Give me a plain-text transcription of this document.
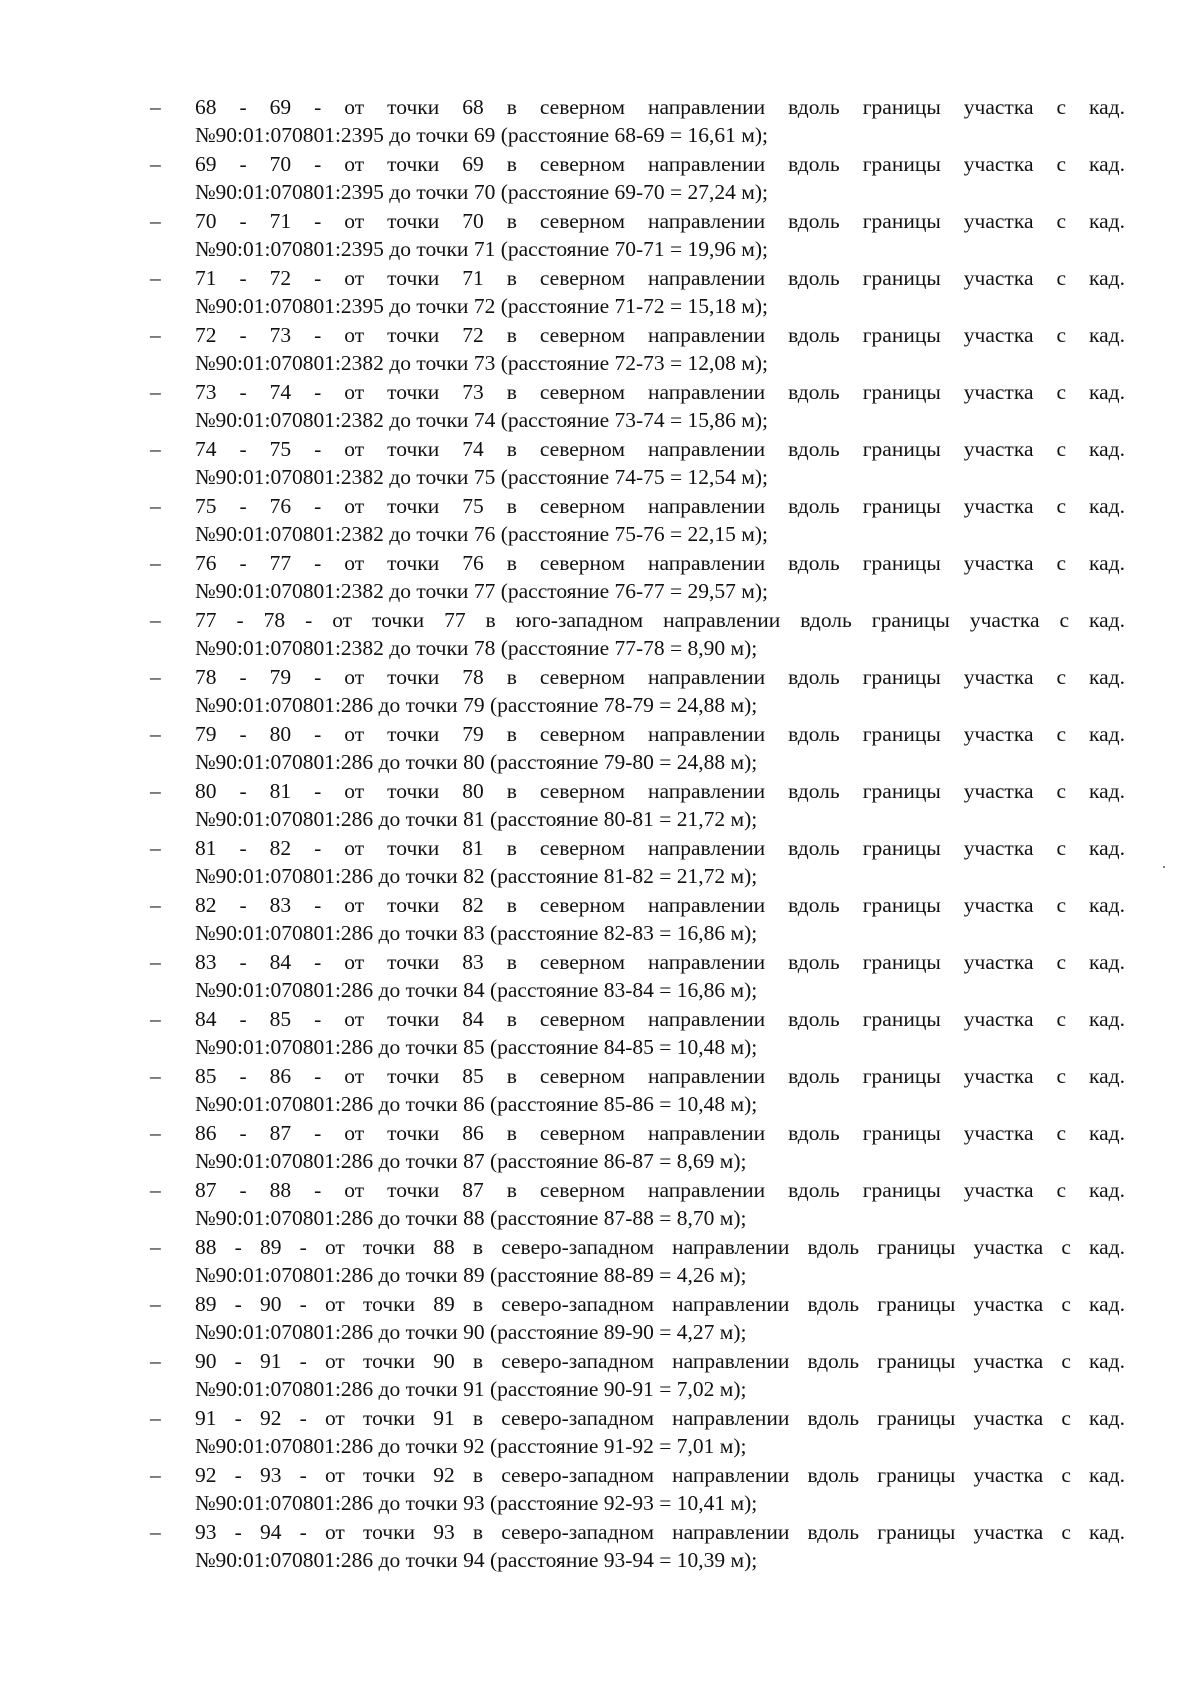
–	68 - 69 - от точки 68 в северном направлении вдоль границы участка с кад.
№90:01:070801:2395 до точки 69 (расстояние 68-69 = 16,61 м);
–	69 - 70 - от точки 69 в северном направлении вдоль границы участка с кад.
№90:01:070801:2395 до точки 70 (расстояние 69-70 = 27,24 м);
–	70 - 71 - от точки 70 в северном направлении вдоль границы участка с кад.
№90:01:070801:2395 до точки 71 (расстояние 70-71 = 19,96 м);
–	71 - 72 - от точки 71 в северном направлении вдоль границы участка с кад.
№90:01:070801:2395 до точки 72 (расстояние 71-72 = 15,18 м);
–	72 - 73 - от точки 72 в северном направлении вдоль границы участка с кад.
№90:01:070801:2382 до точки 73 (расстояние 72-73 = 12,08 м);
–	73 - 74 - от точки 73 в северном направлении вдоль границы участка с кад.
№90:01:070801:2382 до точки 74 (расстояние 73-74 = 15,86 м);
–	74 - 75 - от точки 74 в северном направлении вдоль границы участка с кад.
№90:01:070801:2382 до точки 75 (расстояние 74-75 = 12,54 м);
–	75 - 76 - от точки 75 в северном направлении вдоль границы участка с кад.
№90:01:070801:2382 до точки 76 (расстояние 75-76 = 22,15 м);
–	76 - 77 - от точки 76 в северном направлении вдоль границы участка с кад.
№90:01:070801:2382 до точки 77 (расстояние 76-77 = 29,57 м);
–	77 - 78 - от точки 77 в юго-западном направлении вдоль границы участка с кад.
№90:01:070801:2382 до точки 78 (расстояние 77-78 = 8,90 м);
–	78 - 79 - от точки 78 в северном направлении вдоль границы участка с кад.
№90:01:070801:286 до точки 79 (расстояние 78-79 = 24,88 м);
–	79 - 80 - от точки 79 в северном направлении вдоль границы участка с кад.
№90:01:070801:286 до точки 80 (расстояние 79-80 = 24,88 м);
–	80 - 81 - от точки 80 в северном направлении вдоль границы участка с кад.
№90:01:070801:286 до точки 81 (расстояние 80-81 = 21,72 м);
–	81 - 82 - от точки 81 в северном направлении вдоль границы участка с кад.
№90:01:070801:286 до точки 82 (расстояние 81-82 = 21,72 м);
–	82 - 83 - от точки 82 в северном направлении вдоль границы участка с кад.
№90:01:070801:286 до точки 83 (расстояние 82-83 = 16,86 м);
–	83 - 84 - от точки 83 в северном направлении вдоль границы участка с кад.
№90:01:070801:286 до точки 84 (расстояние 83-84 = 16,86 м);
–	84 - 85 - от точки 84 в северном направлении вдоль границы участка с кад.
№90:01:070801:286 до точки 85 (расстояние 84-85 = 10,48 м);
–	85 - 86 - от точки 85 в северном направлении вдоль границы участка с кад.
№90:01:070801:286 до точки 86 (расстояние 85-86 = 10,48 м);
–	86 - 87 - от точки 86 в северном направлении вдоль границы участка с кад.
№90:01:070801:286 до точки 87 (расстояние 86-87 = 8,69 м);
–	87 - 88 - от точки 87 в северном направлении вдоль границы участка с кад.
№90:01:070801:286 до точки 88 (расстояние 87-88 = 8,70 м);
–	88 - 89 - от точки 88 в северо-западном направлении вдоль границы участка с кад.
№90:01:070801:286 до точки 89 (расстояние 88-89 = 4,26 м);
–	89 - 90 - от точки 89 в северо-западном направлении вдоль границы участка с кад.
№90:01:070801:286 до точки 90 (расстояние 89-90 = 4,27 м);
–	90 - 91 - от точки 90 в северо-западном направлении вдоль границы участка с кад.
№90:01:070801:286 до точки 91 (расстояние 90-91 = 7,02 м);
–	91 - 92 - от точки 91 в северо-западном направлении вдоль границы участка с кад.
№90:01:070801:286 до точки 92 (расстояние 91-92 = 7,01 м);
–	92 - 93 - от точки 92 в северо-западном направлении вдоль границы участка с кад.
№90:01:070801:286 до точки 93 (расстояние 92-93 = 10,41 м);
–	93 - 94 - от точки 93 в северо-западном направлении вдоль границы участка с кад.
№90:01:070801:286 до точки 94 (расстояние 93-94 = 10,39 м);
